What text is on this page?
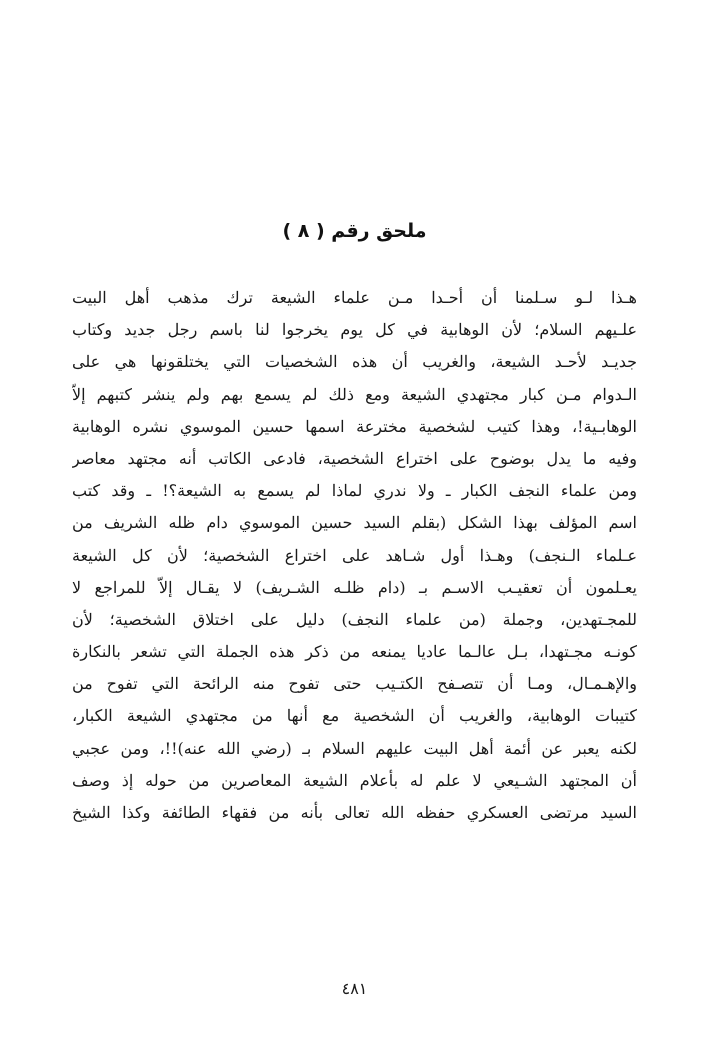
ملحق رقم ( ٨ )
هـذا لـو سـلمنا أن أحـدا مـن علماء الشيعة ترك مذهب أهل البيت
علـيهم السلام؛ لأن الوهابية في كل يوم يخرجوا لنا باسم رجل جديد وكتاب
جديـد لأحـد الشيعة، والغريب أن هذه الشخصيات التي يختلقونها هي على
الـدوام مـن كبار مجتهدي الشيعة ومع ذلك لم يسمع بهم ولم ينشر كتبهم إلاّ
الوهابـية!، وهذا كتيب لشخصية مخترعة اسمها حسين الموسوي نشره الوهابية
وفيه ما يدل بوضوح على اختراع الشخصية، فادعى الكاتب أنه مجتهد معاصر
ومن علماء النجف الكبار ـ ولا ندري لماذا لم يسمع به الشيعة؟! ـ وقد كتب
اسم المؤلف بهذا الشكل (بقلم السيد حسين الموسوي دام ظله الشريف من
عـلماء الـنجف) وهـذا أول شـاهد على اختراع الشخصية؛ لأن كل الشيعة
يعـلمون أن تعقيـب الاسـم بـ (دام ظلـه الشـريف) لا يقـال إلاّ للمراجع لا
للمجـتهدين، وجملة (من علماء النجف) دليل على اختلاق الشخصية؛ لأن
كونـه مجـتهدا، بـل عالـما عاديا يمنعه من ذكر هذه الجملة التي تشعر بالنكارة
والإهـمـال، ومـا أن تتصـفح الكتـيب حتى تفوح منه الرائحة التي تفوح من
كتيبات الوهابية، والغريب أن الشخصية مع أنها من مجتهدي الشيعة الكبار،
لكنه يعبر عن أئمة أهل البيت عليهم السلام بـ (رضي الله عنه)!!، ومن عجبي
أن المجتهد الشـيعي لا علم له بأعلام الشيعة المعاصرين من حوله إذ وصف
السيد مرتضى العسكري حفظه الله تعالى بأنه من فقهاء الطائفة وكذا الشيخ
٤٨١
